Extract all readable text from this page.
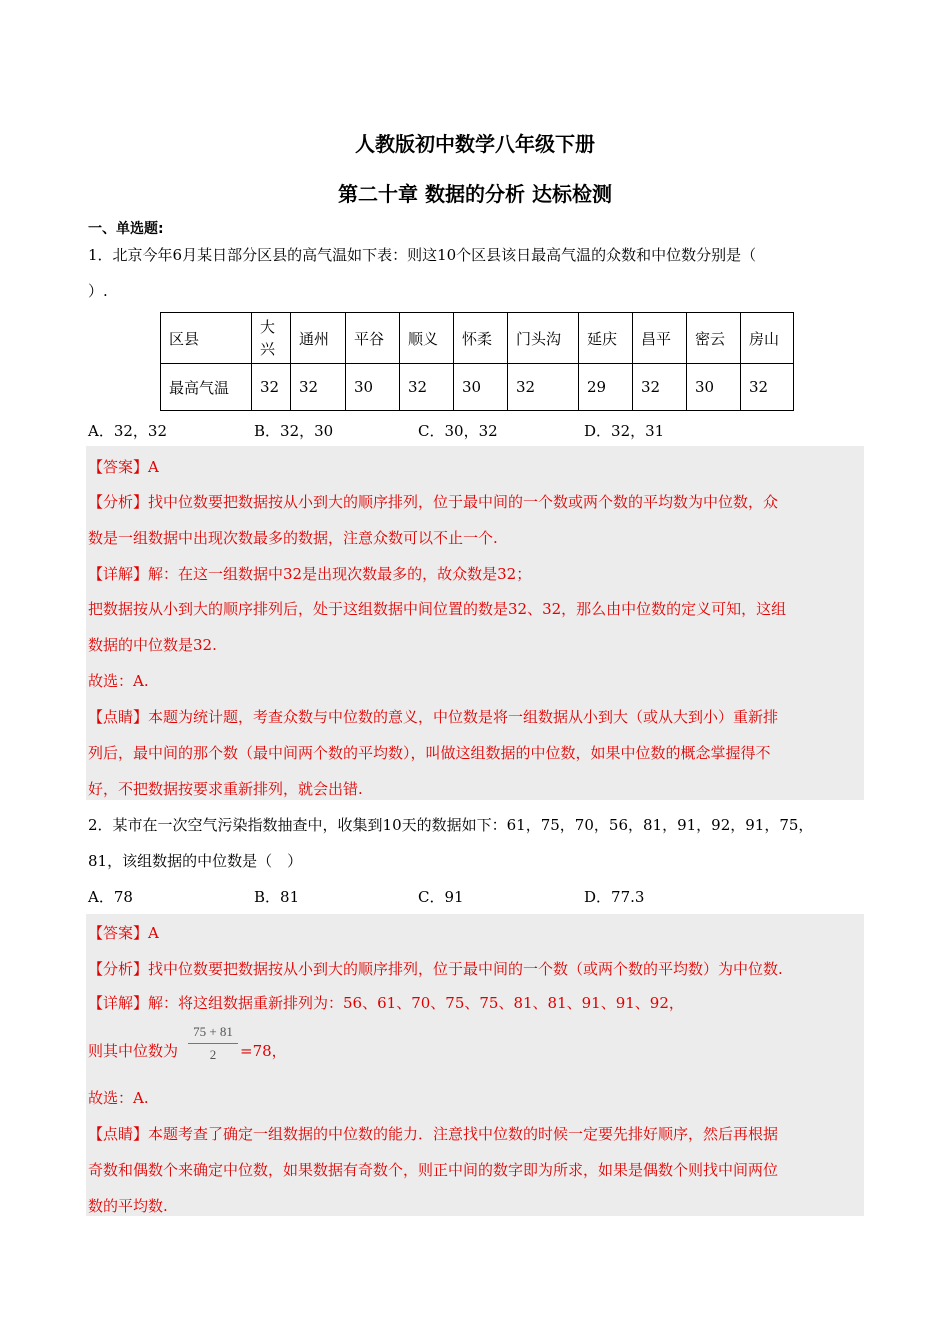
人教版初中数学八年级下册
第二十章 数据的分析 达标检测
一、单选题:
1．北京今年6月某日部分区县的高气温如下表：则这10个区县该日最高气温的众数和中位数分别是（
）.
区县	大兴	通州	平谷	顺义	怀柔	门头沟	延庆	昌平	密云	房山
最高气温	32	32	30	32	30	32	29	32	30	32
A．32，32	B．32，30	C．30，32	D．32，31
【答案】A
【分析】找中位数要把数据按从小到大的顺序排列，位于最中间的一个数或两个数的平均数为中位数，众
数是一组数据中出现次数最多的数据，注意众数可以不止一个.
【详解】解：在这一组数据中32是出现次数最多的，故众数是32；
把数据按从小到大的顺序排列后，处于这组数据中间位置的数是32、32，那么由中位数的定义可知，这组
数据的中位数是32.
故选：A.
【点睛】本题为统计题，考查众数与中位数的意义，中位数是将一组数据从小到大（或从大到小）重新排
列后，最中间的那个数（最中间两个数的平均数），叫做这组数据的中位数，如果中位数的概念掌握得不
好，不把数据按要求重新排列，就会出错.
2．某市在一次空气污染指数抽查中，收集到10天的数据如下：61，75，70，56，81，91，92，91，75，
81，该组数据的中位数是（　）
A．78	B．81	C．91	D．77.3
【答案】A
【分析】找中位数要把数据按从小到大的顺序排列，位于最中间的一个数（或两个数的平均数）为中位数.
【详解】解：将这组数据重新排列为：56、61、70、75、75、81、81、91、91、92，
则其中位数为
75 + 81
2	=78，
故选：A.
【点睛】本题考查了确定一组数据的中位数的能力．注意找中位数的时候一定要先排好顺序，然后再根据
奇数和偶数个来确定中位数，如果数据有奇数个，则正中间的数字即为所求，如果是偶数个则找中间两位
数的平均数.
